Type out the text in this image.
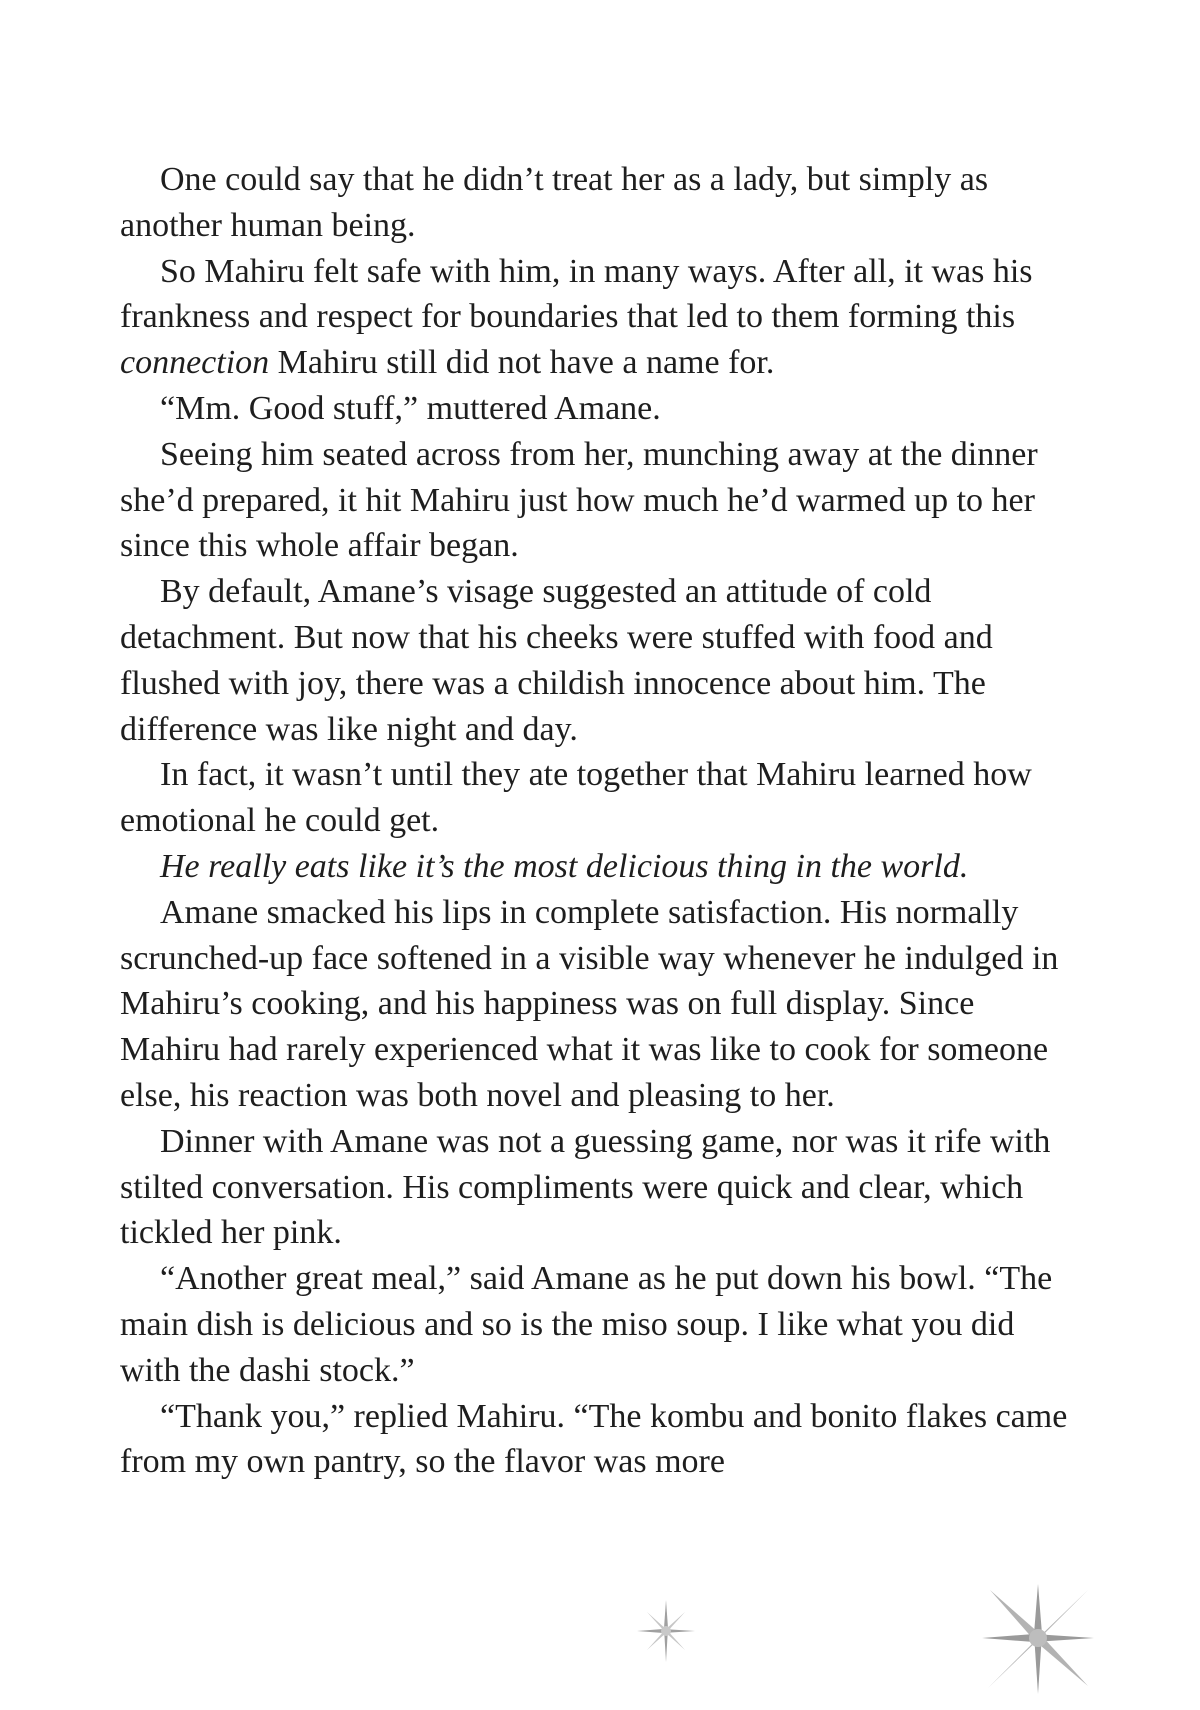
One could say that he didn’t treat her as a lady, but simply as another human being.

So Mahiru felt safe with him, in many ways. After all, it was his frankness and respect for boundaries that led to them forming this connection Mahiru still did not have a name for.

“Mm. Good stuff,” muttered Amane.

Seeing him seated across from her, munching away at the dinner she’d prepared, it hit Mahiru just how much he’d warmed up to her since this whole affair began.

By default, Amane’s visage suggested an attitude of cold detachment. But now that his cheeks were stuffed with food and flushed with joy, there was a childish innocence about him. The difference was like night and day.

In fact, it wasn’t until they ate together that Mahiru learned how emotional he could get.

He really eats like it’s the most delicious thing in the world.

Amane smacked his lips in complete satisfaction. His normally scrunched-up face softened in a visible way whenever he indulged in Mahiru’s cooking, and his happiness was on full display. Since Mahiru had rarely experienced what it was like to cook for someone else, his reaction was both novel and pleasing to her.

Dinner with Amane was not a guessing game, nor was it rife with stilted conversation. His compliments were quick and clear, which tickled her pink.

“Another great meal,” said Amane as he put down his bowl. “The main dish is delicious and so is the miso soup. I like what you did with the dashi stock.”

“Thank you,” replied Mahiru. “The kombu and bonito flakes came from my own pantry, so the flavor was more
